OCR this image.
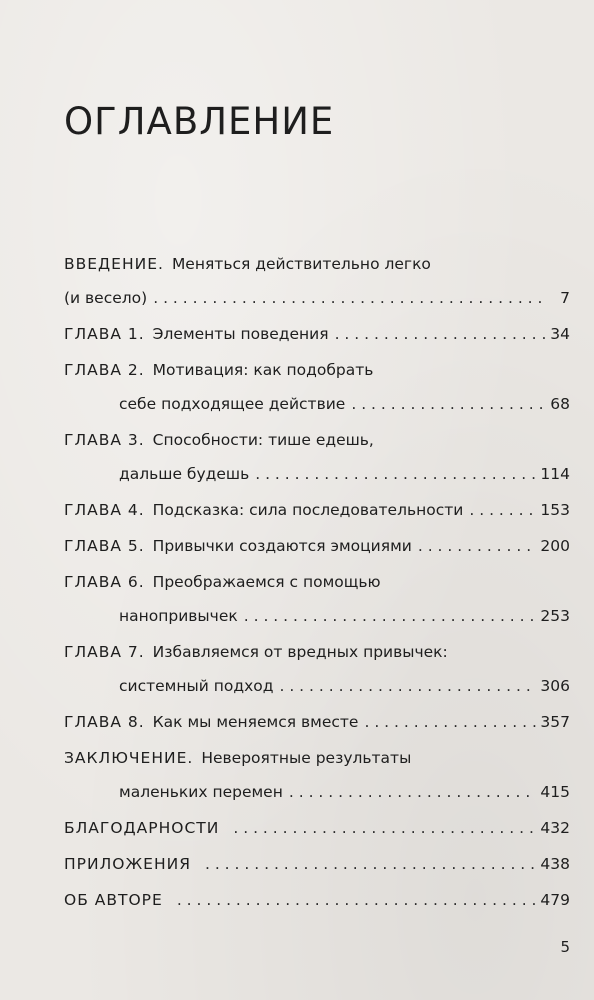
ОГЛАВЛЕНИЕ
ВВЕДЕНИЕ. Меняться действительно легко
(и весело) . . .	7
ГЛАВА 1. Элементы поведения . . .	34
ГЛАВА 2. Мотивация: как подобрать
себе подходящее действие . . .	68
ГЛАВА 3. Способности: тише едешь,
дальше будешь . . .	114
ГЛАВА 4. Подсказка: сила последовательности . . .	153
ГЛАВА 5. Привычки создаются эмоциями . . .	200
ГЛАВА 6. Преображаемся с помощью
нанопривычек . . .	253
ГЛАВА 7. Избавляемся от вредных привычек:
системный подход . . .	306
ГЛАВА 8. Как мы меняемся вместе . . .	357
ЗАКЛЮЧЕНИЕ. Невероятные результаты
маленьких перемен . . .	415
БЛАГОДАРНОСТИ . . .	432
ПРИЛОЖЕНИЯ . . .	438
ОБ АВТОРЕ . . .	479
5
